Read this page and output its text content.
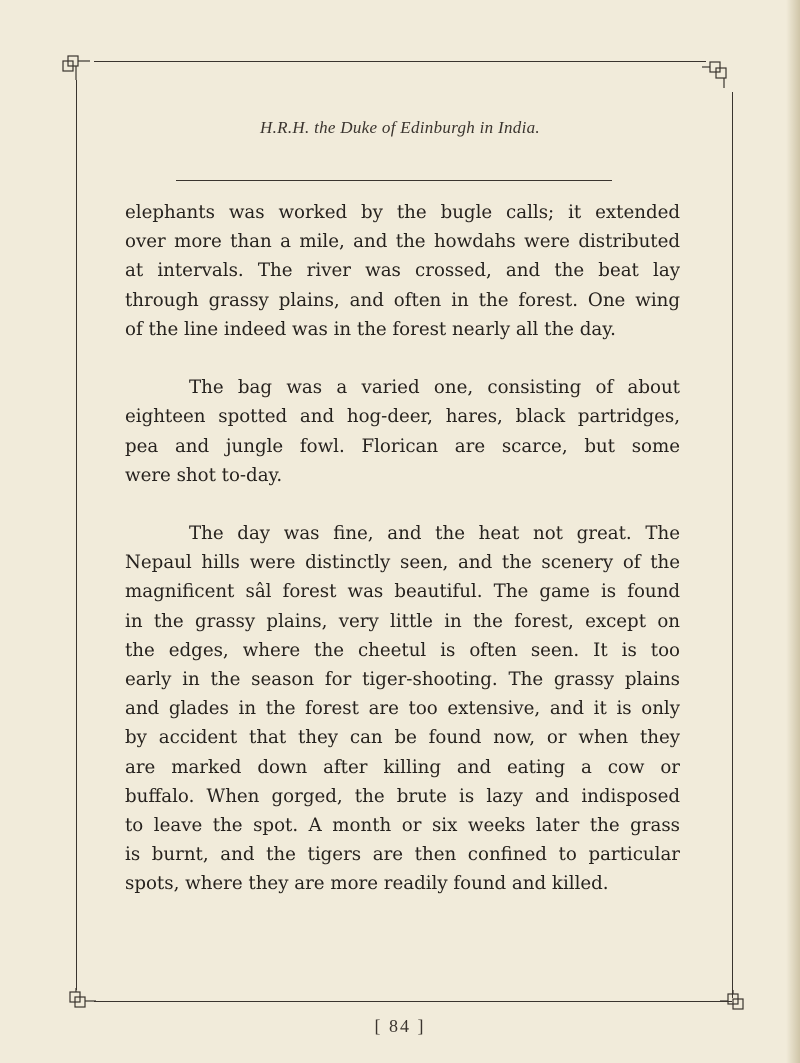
H.R.H. the Duke of Edinburgh in India.
elephants was worked by the bugle calls; it extended
over more than a mile, and the howdahs were distributed
at intervals. The river was crossed, and the beat lay
through grassy plains, and often in the forest. One wing
of the line indeed was in the forest nearly all the day.
The bag was a varied one, consisting of about
eighteen spotted and hog-deer, hares, black partridges,
pea and jungle fowl. Florican are scarce, but some
were shot to-day.
The day was fine, and the heat not great. The
Nepaul hills were distinctly seen, and the scenery of the
magnificent sâl forest was beautiful. The game is found
in the grassy plains, very little in the forest, except on
the edges, where the cheetul is often seen. It is too
early in the season for tiger-shooting. The grassy plains
and glades in the forest are too extensive, and it is only
by accident that they can be found now, or when they
are marked down after killing and eating a cow or
buffalo. When gorged, the brute is lazy and indisposed
to leave the spot. A month or six weeks later the grass
is burnt, and the tigers are then confined to particular
spots, where they are more readily found and killed.
[ 84 ]
